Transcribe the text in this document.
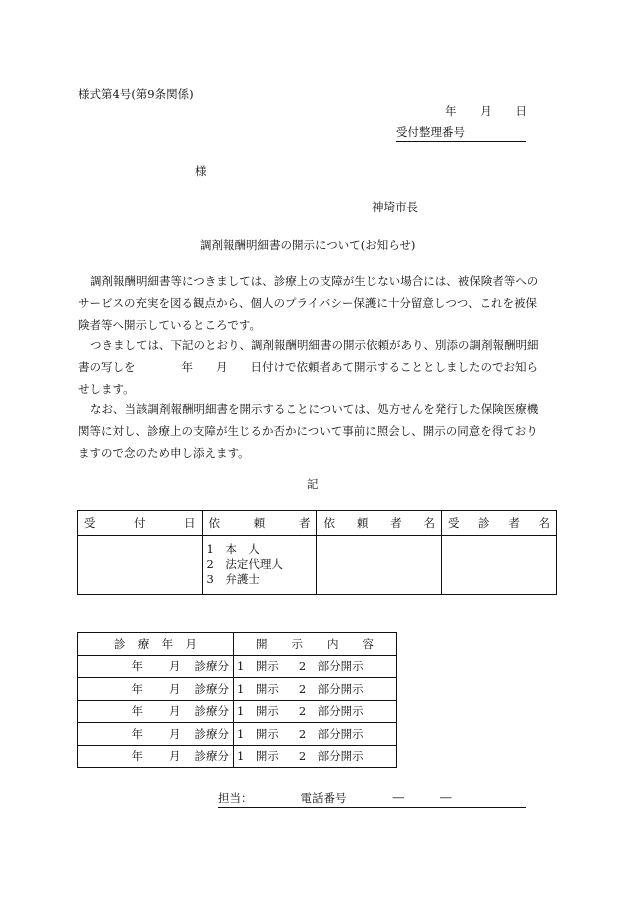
様式第4号(第9条関係)
年 月 日
受付整理番号
様
神埼市長
調剤報酬明細書の開示について(お知らせ)
調剤報酬明細書等につきましては、診療上の支障が生じない場合には、被保険者等への
サービスの充実を図る観点から、個人のプライバシー保護に十分留意しつつ、これを被保
険者等へ開示しているところです。
つきましては、下記のとおり、調剤報酬明細書の開示依頼があり、別添の調剤報酬明細
書の写しを　　　　年　　月　　日付けで依頼者あて開示することとしましたのでお知ら
せします。
なお、当該調剤報酬明細書を開示することについては、処方せんを発行した保険医療機
関等に対し、診療上の支障が生じるか否かについて事前に照会し、開示の同意を得ており
ますので念のため申し添えます。
記
受 付 日	依 頼 者	依 頼 者 名	受 診 者 名

	1　本　人
2　法定代理人
3　弁護士		

診 療 年 月	開 示 内 容

年 月 診療分	1　開示 2　部分開示

年 月 診療分	1　開示 2　部分開示

年 月 診療分	1　開示 2　部分開示

年 月 診療分	1　開示 2　部分開示

年 月 診療分	1　開示 2　部分開示
担当：	電話番号	―	―
